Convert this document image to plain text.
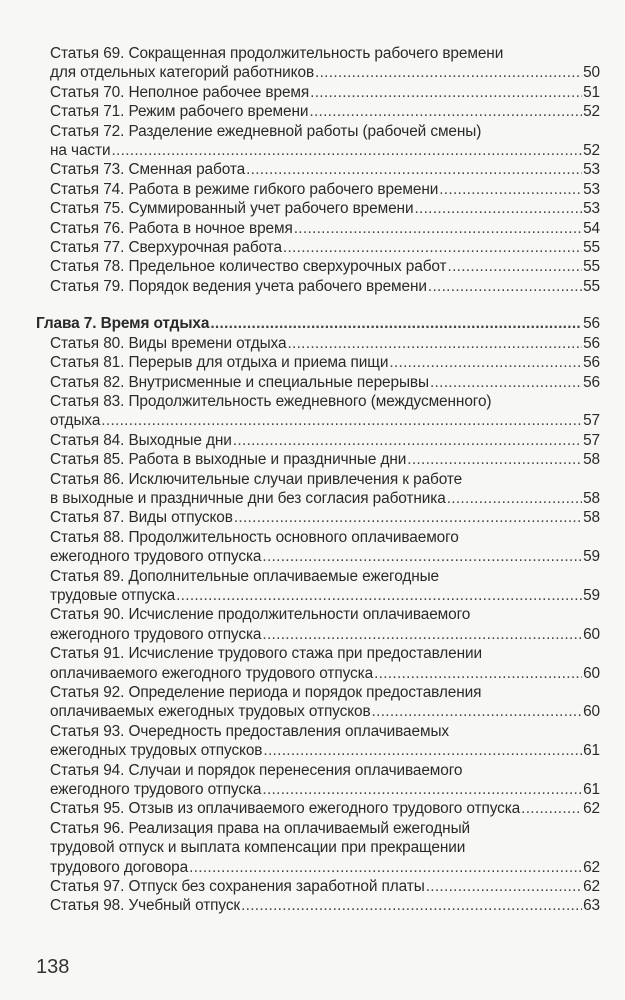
Статья 69. Сокращенная продолжительность рабочего времени
для отдельных категорий работников .....	50
Статья 70. Неполное рабочее время .....	51
Статья 71. Режим рабочего времени .....	52
Статья 72. Разделение ежедневной работы (рабочей смены)
на части .....	52
Статья 73. Сменная работа .....	53
Статья 74. Работа в режиме гибкого рабочего времени .....	53
Статья 75. Суммированный учет рабочего времени .....	53
Статья 76. Работа в ночное время .....	54
Статья 77. Сверхурочная работа .....	55
Статья 78. Предельное количество сверхурочных работ .....	55
Статья 79. Порядок ведения учета рабочего времени .....	55
Глава 7. Время отдыха .....	56
Статья 80. Виды времени отдыха .....	56
Статья 81. Перерыв для отдыха и приема пищи .....	56
Статья 82. Внутрисменные и специальные перерывы .....	56
Статья 83. Продолжительность ежедневного (междусменного)
отдыха .....	57
Статья 84. Выходные дни .....	57
Статья 85. Работа в выходные и праздничные дни .....	58
Статья 86. Исключительные случаи привлечения к работе
в выходные и праздничные дни без согласия работника .....	58
Статья 87. Виды отпусков .....	58
Статья 88. Продолжительность основного оплачиваемого
ежегодного трудового отпуска .....	59
Статья 89. Дополнительные оплачиваемые ежегодные
трудовые отпуска .....	59
Статья 90. Исчисление продолжительности оплачиваемого
ежегодного трудового отпуска .....	60
Статья 91. Исчисление трудового стажа при предоставлении
оплачиваемого ежегодного трудового отпуска .....	60
Статья 92. Определение периода и порядок предоставления
оплачиваемых ежегодных трудовых отпусков .....	60
Статья 93. Очередность предоставления оплачиваемых
ежегодных трудовых отпусков .....	61
Статья 94. Случаи и порядок перенесения оплачиваемого
ежегодного трудового отпуска .....	61
Статья 95. Отзыв из оплачиваемого ежегодного трудового отпуска .....	62
Статья 96. Реализация права на оплачиваемый ежегодный
трудовой отпуск и выплата компенсации при прекращении
трудового договора .....	62
Статья 97. Отпуск без сохранения заработной платы .....	62
Статья 98. Учебный отпуск .....	63
138
